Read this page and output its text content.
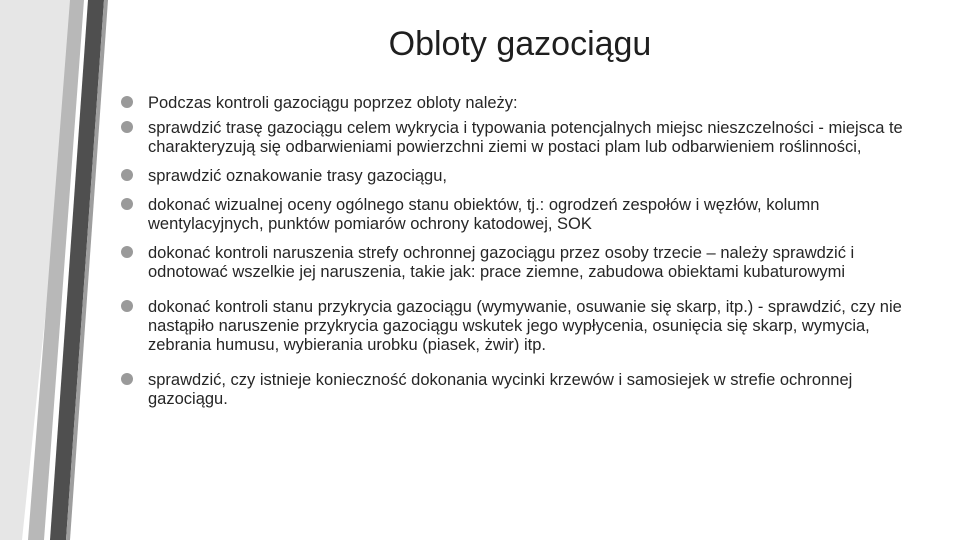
Obloty gazociągu
Podczas kontroli gazociągu poprzez obloty należy:
sprawdzić trasę gazociągu celem wykrycia i typowania potencjalnych miejsc nieszczelności - miejsca te charakteryzują się odbarwieniami powierzchni ziemi w postaci plam lub odbarwieniem roślinności,
sprawdzić oznakowanie trasy gazociągu,
dokonać wizualnej oceny ogólnego stanu obiektów, tj.: ogrodzeń zespołów i węzłów, kolumn wentylacyjnych, punktów pomiarów ochrony katodowej, SOK
dokonać kontroli naruszenia strefy ochronnej gazociągu przez osoby trzecie – należy sprawdzić i odnotować wszelkie jej naruszenia, takie jak: prace ziemne, zabudowa obiektami kubaturowymi
dokonać kontroli stanu przykrycia gazociągu (wymywanie, osuwanie się skarp, itp.) - sprawdzić, czy nie nastąpiło naruszenie przykrycia gazociągu wskutek jego wypłycenia, osunięcia się skarp, wymycia, zebrania humusu, wybierania urobku (piasek, żwir) itp.
sprawdzić, czy istnieje konieczność dokonania wycinki krzewów i samosiejek w strefie ochronnej gazociągu.
